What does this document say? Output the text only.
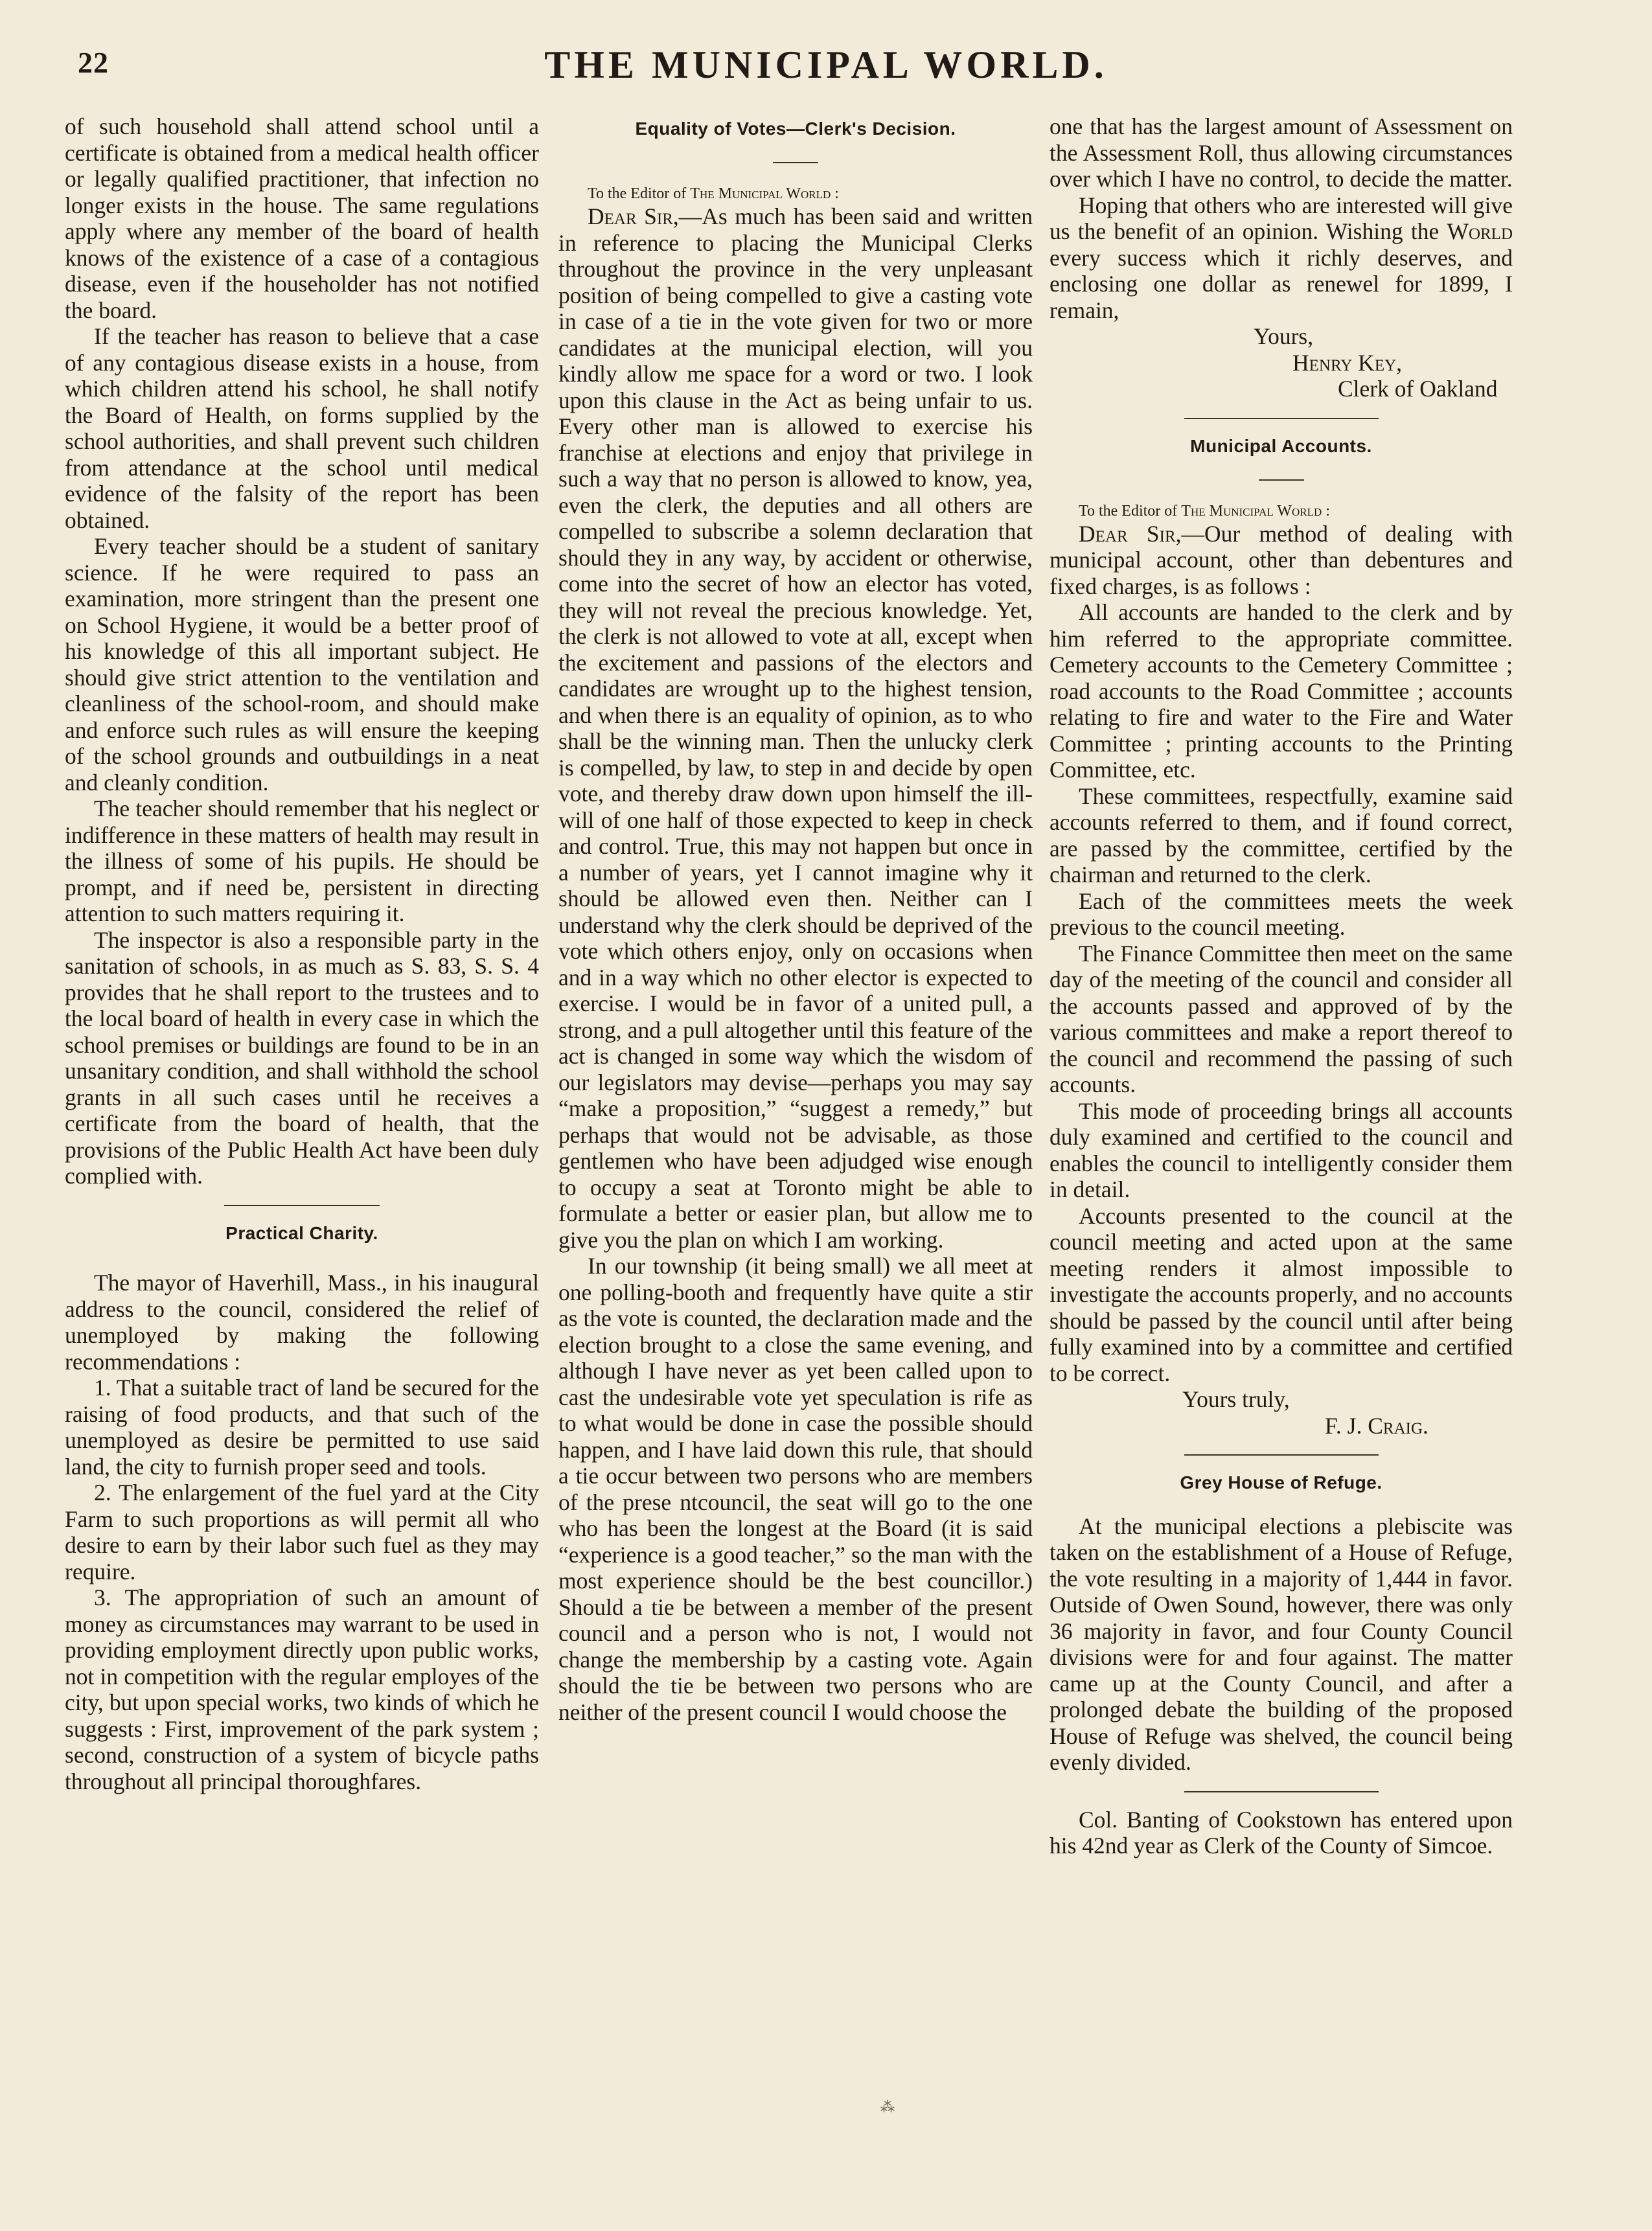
22	THE MUNICIPAL WORLD.

of such household shall attend school until a certificate is obtained from a medical health officer or legally qualified practitioner, that infection no longer exists in the house. The same regulations apply where any member of the board of health knows of the existence of a case of a contagious disease, even if the householder has not notified the board.

If the teacher has reason to believe that a case of any contagious disease exists in a house, from which children attend his school, he shall notify the Board of Health, on forms supplied by the school authorities, and shall prevent such children from attendance at the school until medical evidence of the falsity of the report has been obtained.

Every teacher should be a student of sanitary science. If he were required to pass an examination, more stringent than the present one on School Hygiene, it would be a better proof of his knowledge of this all important subject. He should give strict attention to the ventilation and cleanliness of the school-room, and should make and enforce such rules as will ensure the keeping of the school grounds and outbuildings in a neat and cleanly condition.

The teacher should remember that his neglect or indifference in these matters of health may result in the illness of some of his pupils. He should be prompt, and if need be, persistent in directing attention to such matters requiring it.

The inspector is also a responsible party in the sanitation of schools, in as much as S. 83, S. S. 4 provides that he shall report to the trustees and to the local board of health in every case in which the school premises or buildings are found to be in an unsanitary condition, and shall withhold the school grants in all such cases until he receives a certificate from the board of health, that the provisions of the Public Health Act have been duly complied with.

Practical Charity.

The mayor of Haverhill, Mass., in his inaugural address to the council, considered the relief of unemployed by making the following recommendations :

1. That a suitable tract of land be secured for the raising of food products, and that such of the unemployed as desire be permitted to use said land, the city to furnish proper seed and tools.

2. The enlargement of the fuel yard at the City Farm to such proportions as will permit all who desire to earn by their labor such fuel as they may require.

3. The appropriation of such an amount of money as circumstances may warrant to be used in providing employment directly upon public works, not in competition with the regular employes of the city, but upon special works, two kinds of which he suggests : First, improvement of the park system ; second, construction of a system of bicycle paths throughout all principal thoroughfares.

Equality of Votes—Clerk's Decision.

To the Editor of The Municipal World :

Dear Sir,—As much has been said and written in reference to placing the Municipal Clerks throughout the province in the very unpleasant position of being compelled to give a casting vote in case of a tie in the vote given for two or more candidates at the municipal election, will you kindly allow me space for a word or two. I look upon this clause in the Act as being unfair to us. Every other man is allowed to exercise his franchise at elections and enjoy that privilege in such a way that no person is allowed to know, yea, even the clerk, the deputies and all others are compelled to subscribe a solemn declaration that should they in any way, by accident or otherwise, come into the secret of how an elector has voted, they will not reveal the precious knowledge. Yet, the clerk is not allowed to vote at all, except when the excitement and passions of the electors and candidates are wrought up to the highest tension, and when there is an equality of opinion, as to who shall be the winning man. Then the unlucky clerk is compelled, by law, to step in and decide by open vote, and thereby draw down upon himself the ill-will of one half of those expected to keep in check and control. True, this may not happen but once in a number of years, yet I cannot imagine why it should be allowed even then. Neither can I understand why the clerk should be deprived of the vote which others enjoy, only on occasions when and in a way which no other elector is expected to exercise. I would be in favor of a united pull, a strong, and a pull altogether until this feature of the act is changed in some way which the wisdom of our legislators may devise—perhaps you may say “make a proposition,” “suggest a remedy,” but perhaps that would not be advisable, as those gentlemen who have been adjudged wise enough to occupy a seat at Toronto might be able to formulate a better or easier plan, but allow me to give you the plan on which I am working.

In our township (it being small) we all meet at one polling-booth and frequently have quite a stir as the vote is counted, the declaration made and the election brought to a close the same evening, and although I have never as yet been called upon to cast the undesirable vote yet speculation is rife as to what would be done in case the possible should happen, and I have laid down this rule, that should a tie occur between two persons who are members of the prese ntcouncil, the seat will go to the one who has been the longest at the Board (it is said “experience is a good teacher,” so the man with the most experience should be the best councillor.) Should a tie be between a member of the present council and a person who is not, I would not change the membership by a casting vote. Again should the tie be between two persons who are neither of the present council I would choose the

one that has the largest amount of Assessment on the Assessment Roll, thus allowing circumstances over which I have no control, to decide the matter.

Hoping that others who are interested will give us the benefit of an opinion. Wishing the World every success which it richly deserves, and enclosing one dollar as renewel for 1899, I remain,

Yours,

Henry Key,

Clerk of Oakland

Municipal Accounts.

To the Editor of The Municipal World :

Dear Sir,—Our method of dealing with municipal account, other than debentures and fixed charges, is as follows :

All accounts are handed to the clerk and by him referred to the appropriate committee. Cemetery accounts to the Cemetery Committee ; road accounts to the Road Committee ; accounts relating to fire and water to the Fire and Water Committee ; printing accounts to the Printing Committee, etc.

These committees, respectfully, examine said accounts referred to them, and if found correct, are passed by the committee, certified by the chairman and returned to the clerk.

Each of the committees meets the week previous to the council meeting.

The Finance Committee then meet on the same day of the meeting of the council and consider all the accounts passed and approved of by the various committees and make a report thereof to the council and recommend the passing of such accounts.

This mode of proceeding brings all accounts duly examined and certified to the council and enables the council to intelligently consider them in detail.

Accounts presented to the council at the council meeting and acted upon at the same meeting renders it almost impossible to investigate the accounts properly, and no accounts should be passed by the council until after being fully examined into by a committee and certified to be correct.

Yours truly,

F. J. Craig.

Grey House of Refuge.

At the municipal elections a plebiscite was taken on the establishment of a House of Refuge, the vote resulting in a majority of 1,444 in favor. Outside of Owen Sound, however, there was only 36 majority in favor, and four County Council divisions were for and four against. The matter came up at the County Council, and after a prolonged debate the building of the proposed House of Refuge was shelved, the council being evenly divided.

Col. Banting of Cookstown has entered upon his 42nd year as Clerk of the County of Simcoe.

⁂
